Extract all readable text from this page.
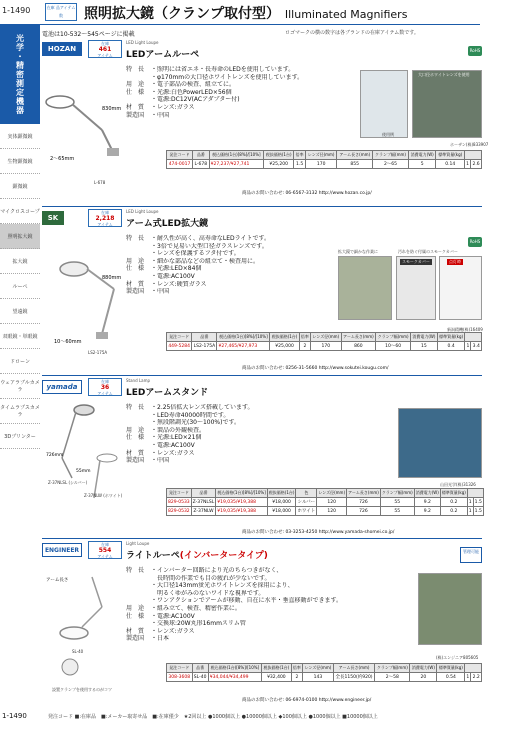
1-1490	在庫 品アイテム数	照明拡大鏡（クランプ取付型） Illuminated Magnifiers
電池は10-532～545ページに掲載	ロゴマークの横の数字は各ブランドの在庫アイテム数です。
光学・精密測定機器
実体顕微鏡
生物顕微鏡
顕微鏡
マイクロスコープ
照明拡大鏡
拡大鏡
ルーペ
望遠鏡
双眼鏡・単眼鏡
ドローン
ウェアラブルカメラ
タイムラプスカメラ
3Dプリンター
HOZAN
在庫
461
アイテム
LED Light Loupe
LEDアームルーペ	RoHS
特　長	・照明には省エネ・長寿命のLEDを使用しています。
・φ170mmの大口径ホワイトレンズを使用しています。
用　途	・電子部品の検査、組立てに。
仕　様	・光源:白色PowerLED×56個
・電源:DC12V(ACアダプター付)
材　質	・レンズ:ガラス
製造国	・中国
830mm
2～65mm
L-678
使用例
大口径ホワイトレンズを使用
ホーザン(株)833907
発注コード	品番	税込価格(1台)[8%]/[10%]	税抜価格(1台)	倍率	レンズ径(mm)	アーム長さ(mm)	クランプ幅(mm)	消費電力(W)	標準質量(kg)		
474-0017	L-678	¥27,237/¥27,741	¥25,200	1.5	170	855	2～65	5	0.14	1	2.6
商品のお問い合わせ: 06-6567-3132 http://www.hozan.co.jp/
SK
在庫
2,218
アイテム
LED Light Loupe
アーム式LED拡大鏡
RoHS
特　長	・耐久性が高く、高寿命なLEDライトです。
・3倍で見易い大型口径ガラスレンズです。
・レンズを保護するフタ付です。
用　途	・細かな部品などの組立て・検査用に。
仕　様	・光源:LED×84個
・電源:AC100V
材　質	・レンズ:硬質ガラス
製造国	・中国
880mm
10～60mm
LS2-175A
拡大鏡で細かな作業に	汚れを防ぐ付属のスモークカバー
スモークカバー	点灯時
新潟精機(株)16409
発注コード	品番	税込価格(1台)[8%]/[10%]	税抜価格(1台)	倍率	レンズ径(mm)	アーム長さ(mm)	クランプ幅(mm)	消費電力(W)	標準質量(kg)		
449-5284	LS2-175A	¥27,465/¥27,973	¥25,000	2	170	860	10～60	15	0.4	1	3.4
商品のお問い合わせ: 0256-31-5660 http://www.sokutei.kougu.com/
yamada
在庫
36
アイテム
Stand Lamp
LEDアームスタンド
特　長	・2.25倍拡大レンズ搭載しています。
・LED寿命40000時間です。
・無段階調光(30～100%)です。
用　途	・製品の外観検査。
仕　様	・光源:LED×21個
・電源:AC100V
材　質	・レンズ:ガラス
製造国	・中国
726mm
55mm
Z-37NLSL (シルバー)
Z-37NLW (ホワイト)
山田光学(株)31326
発注コード	品番	税込価格(1台)[8%]/[10%]	税抜価格(1台)	色	レンズ径(mm)	アーム長さ(mm)	クランプ幅(mm)	消費電力(W)	標準質量(kg)		
829-0533	Z-37NLSL	¥19,035/¥19,388	¥18,000	シルバー	120	726	55	9.2	0.2	1	1.5
829-0532	Z-37NLW	¥19,035/¥19,388	¥18,000	ホワイト	120	726	55	9.2	0.2	1	1.5
商品のお問い合わせ: 03-3253-4250 http://www.yamada-shomei.co.jp/
ENGINEER
在庫
554
アイテム
Light Loupe
ライトルーペ(インバータータイプ)	管理可能
特　長	・インバーター回路により光のちらつきがなく、
　長時間の作業でも目の疲れが少ないです。
・大口径143mm蛍光ホワイトレンズを採用により、
　明るくゆがみのないワイドな視界です。
・ワンアクションでアームが移動、自在に水平・垂直移動ができます。
用　途	・組み立て、検査、精密作業に。
仕　様	・電源:AC100V
・交換球:20W丸形16mmスリム管
材　質	・レンズ:ガラス
製造国	・日本
アーム長さ
SL-40
設置クランプを使用するのがコツ
(株)エンジニア805605
発注コード	品番	税込価格(1台)[8%]/[10%]	税抜価格(1台)	倍率	レンズ径(mm)	アーム長さ(mm)	クランプ幅(mm)	消費電力(W)	標準質量(kg)		
308-3608	SL-40	¥34,044/¥34,499	¥32,400	2	143	全長1150(約920)	2～58	20	0.54	1	2.2
商品のお問い合わせ: 06-6974-0100 http://www.engineer.jp/
1-1490	発注コード ■:在庫品　■:メーカー取寄せ品　■:在庫僅少　★2回以上 ●1000個以上 ●10000個以上 ◆100個以上 ●1000個以上 ■10000個以上
